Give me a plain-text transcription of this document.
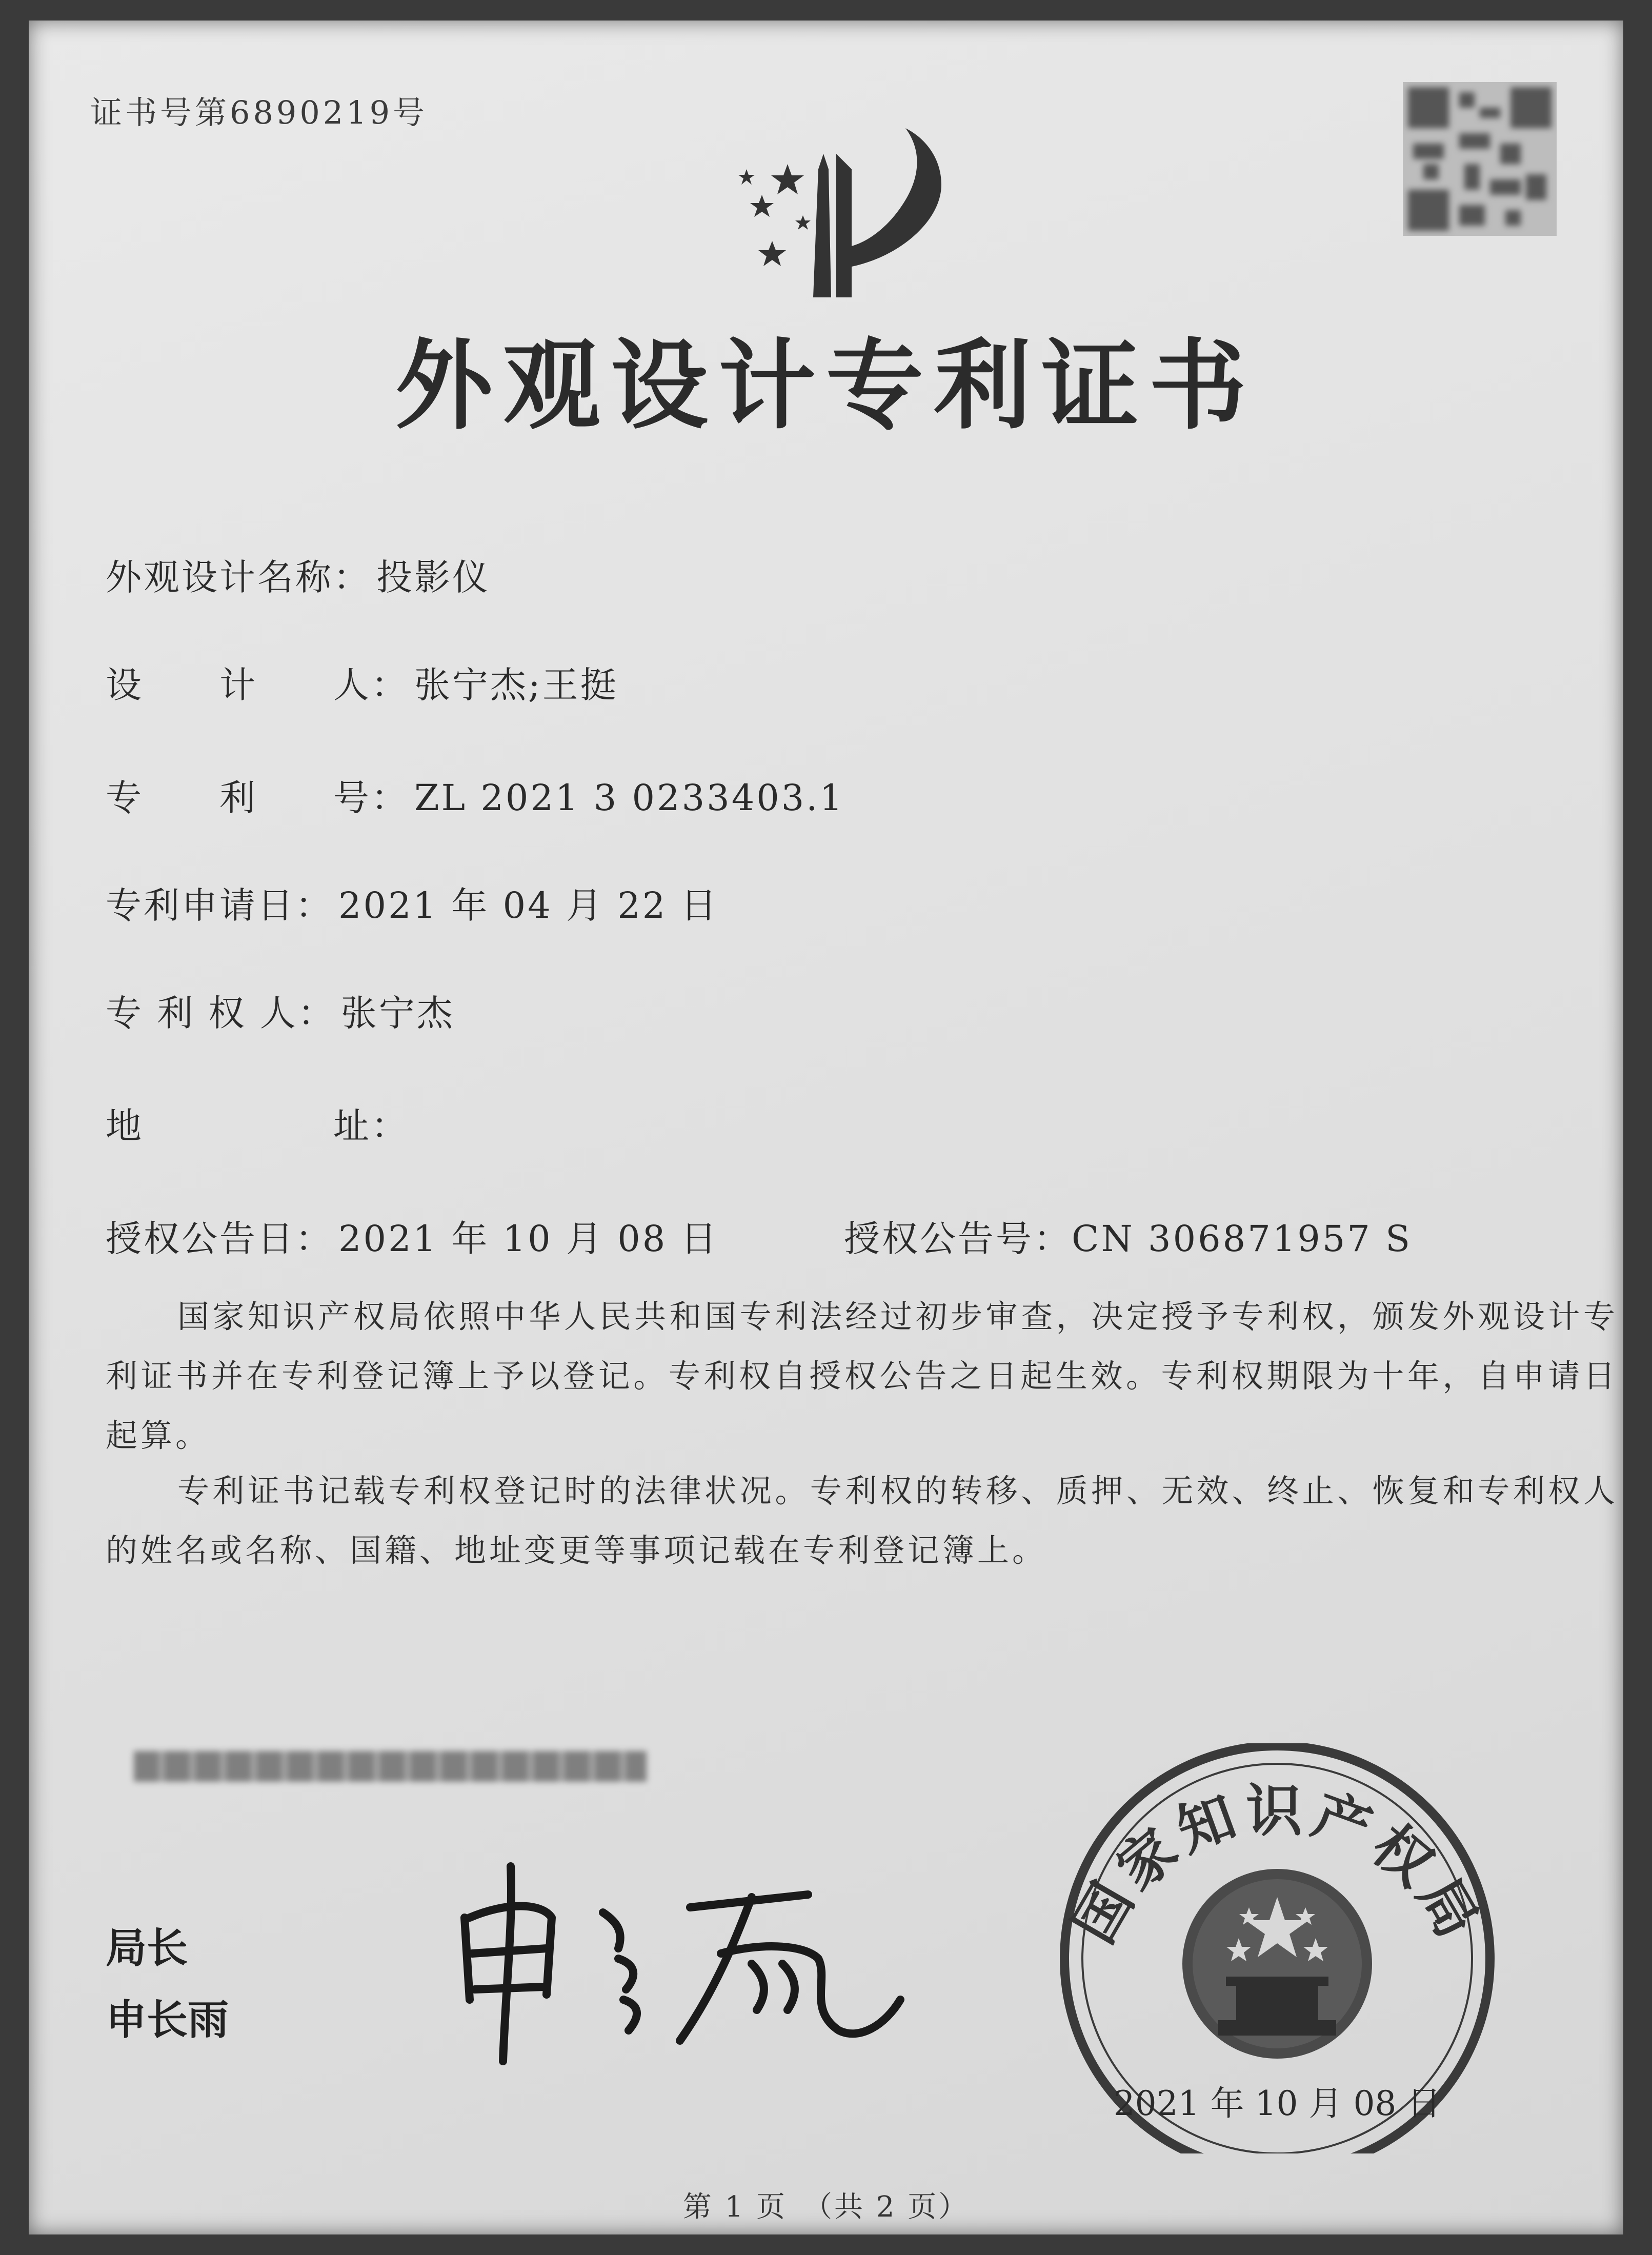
证书号第6890219号
外观设计专利证书
外观设计名称： 投影仪
设　　计　　人： 张宁杰;王挺
专　　利　　号： ZL 2021 3 0233403.1
专利申请日： 2021 年 04 月 22 日
专 利 权 人： 张宁杰
地　　　　　址：
授权公告日： 2021 年 10 月 08 日	授权公告号：CN 306871957 S
国家知识产权局依照中华人民共和国专利法经过初步审查，决定授予专利权，颁发外观设计专利证书并在专利登记簿上予以登记。专利权自授权公告之日起生效。专利权期限为十年，自申请日起算。
专利证书记载专利权登记时的法律状况。专利权的转移、质押、无效、终止、恢复和专利权人的姓名或名称、国籍、地址变更等事项记载在专利登记簿上。
局长
申长雨
国家知识产权局
2021 年 10 月 08 日
第 1 页　（共 2 页）
